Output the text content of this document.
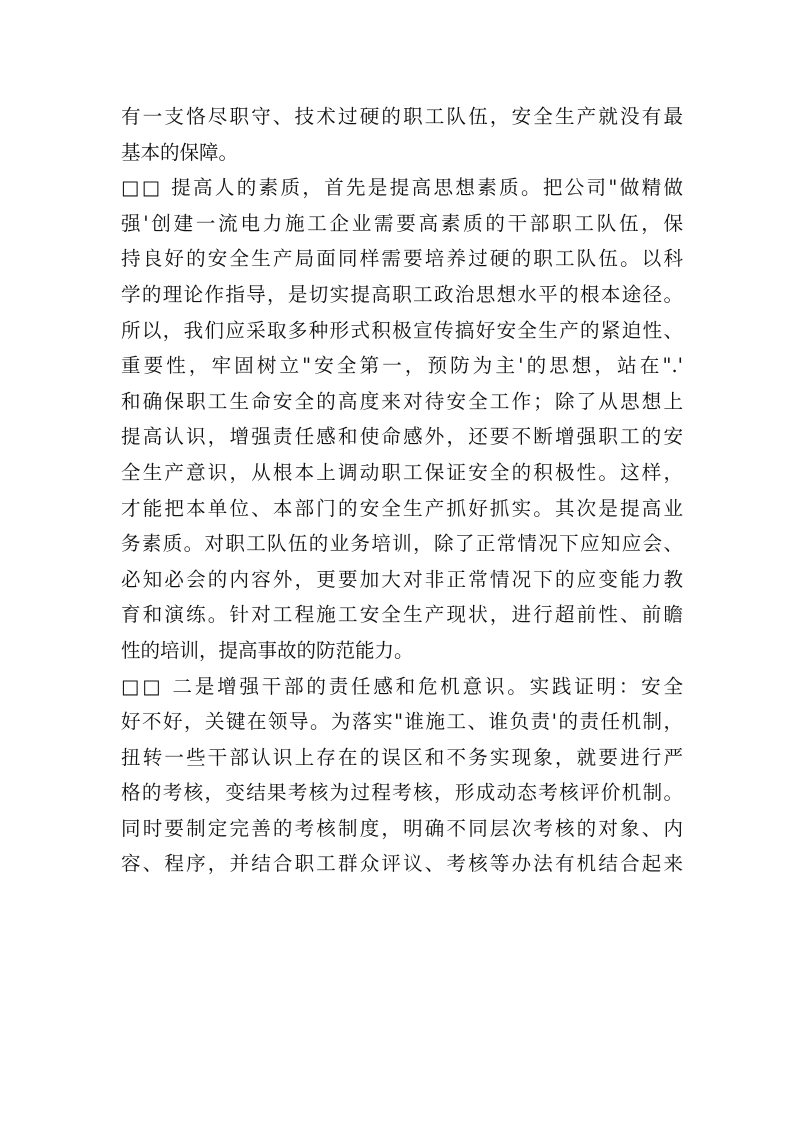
有一支恪尽职守、技术过硬的职工队伍，安全生产就没有最
基本的保障。
□□ 提高人的素质，首先是提高思想素质。把公司"做精做
强'创建一流电力施工企业需要高素质的干部职工队伍，保
持良好的安全生产局面同样需要培养过硬的职工队伍。以科
学的理论作指导，是切实提高职工政治思想水平的根本途径。
所以，我们应采取多种形式积极宣传搞好安全生产的紧迫性、
重要性，牢固树立"安全第一，预防为主'的思想，站在".'
和确保职工生命安全的高度来对待安全工作；除了从思想上
提高认识，增强责任感和使命感外，还要不断增强职工的安
全生产意识，从根本上调动职工保证安全的积极性。这样，
才能把本单位、本部门的安全生产抓好抓实。其次是提高业
务素质。对职工队伍的业务培训，除了正常情况下应知应会、
必知必会的内容外，更要加大对非正常情况下的应变能力教
育和演练。针对工程施工安全生产现状，进行超前性、前瞻
性的培训，提高事故的防范能力。
□□ 二是增强干部的责任感和危机意识。实践证明：安全
好不好，关键在领导。为落实"谁施工、谁负责'的责任机制，
扭转一些干部认识上存在的误区和不务实现象，就要进行严
格的考核，变结果考核为过程考核，形成动态考核评价机制。
同时要制定完善的考核制度，明确不同层次考核的对象、内
容、程序，并结合职工群众评议、考核等办法有机结合起来
